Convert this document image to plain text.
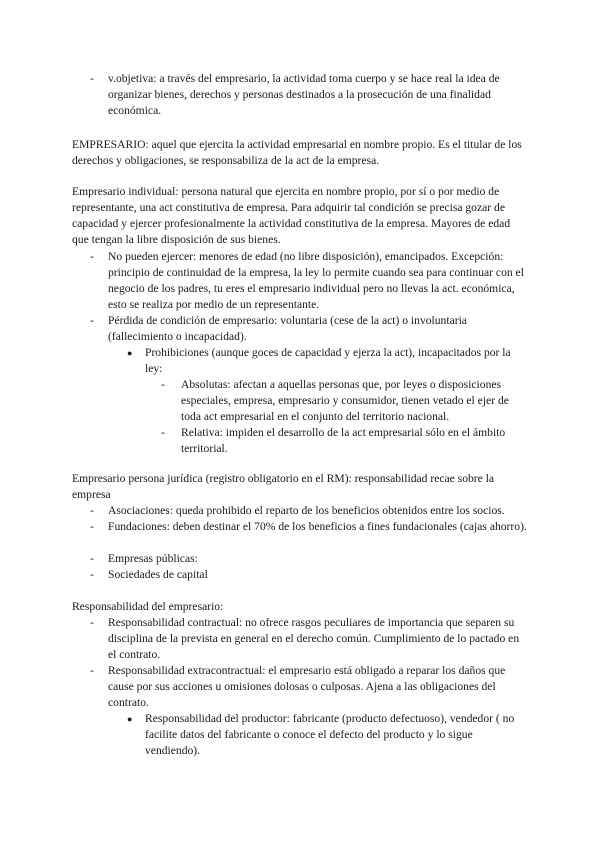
-	v.objetiva: a través del empresario, la actividad toma cuerpo y se hace real la idea de organizar bienes, derechos y personas destinados a la prosecución de una finalidad económica.

EMPRESARIO: aquel que ejercita la actividad empresarial en nombre propio. Es el titular de los derechos y obligaciones, se responsabiliza de la act de la empresa.

Empresario individual: persona natural que ejercita en nombre propio, por sí o por medio de representante, una act constitutiva de empresa. Para adquirir tal condición se precisa gozar de capacidad y ejercer profesionalmente la actividad constitutiva de la empresa. Mayores de edad que tengan la libre disposición de sus bienes.

-	No pueden ejercer: menores de edad (no libre disposición), emancipados. Excepción: principio de continuidad de la empresa, la ley lo permite cuando sea para continuar con el negocio de los padres, tu eres el empresario individual pero no llevas la act. económica, esto se realiza por medio de un representante.
-	Pérdida de condición de empresario: voluntaria (cese de la act) o involuntaria (fallecimiento o incapacidad).
●	Prohibiciones (aunque goces de capacidad y ejerza la act), incapacitados por la ley:
-	Absolutas: afectan a aquellas personas que, por leyes o disposiciones especiales, empresa, empresario y consumidor, tienen vetado el ejer de toda act empresarial en el conjunto del territorio nacional.
-	Relativa: impiden el desarrollo de la act empresarial sólo en el ámbito territorial.

Empresario persona jurídica (registro obligatorio en el RM): responsabilidad recae sobre la empresa

-	Asociaciones: queda prohibido el reparto de los beneficios obtenidos entre los socios.
-	Fundaciones: deben destinar el 70% de los beneficios a fines fundacionales (cajas ahorro).
-	Empresas públicas:
-	Sociedades de capital

Responsabilidad del empresario:

-	Responsabilidad contractual: no ofrece rasgos peculiares de importancia que separen su disciplina de la prevista en general en el derecho común. Cumplimiento de lo pactado en el contrato.
-	Responsabilidad extracontractual: el empresario está obligado a reparar los daños que cause por sus acciones u omisiones dolosas o culposas. Ajena a las obligaciones del contrato.
●	Responsabilidad del productor: fabricante (producto defectuoso), vendedor ( no facilite datos del fabricante o conoce el defecto del producto y lo sigue vendiendo).
